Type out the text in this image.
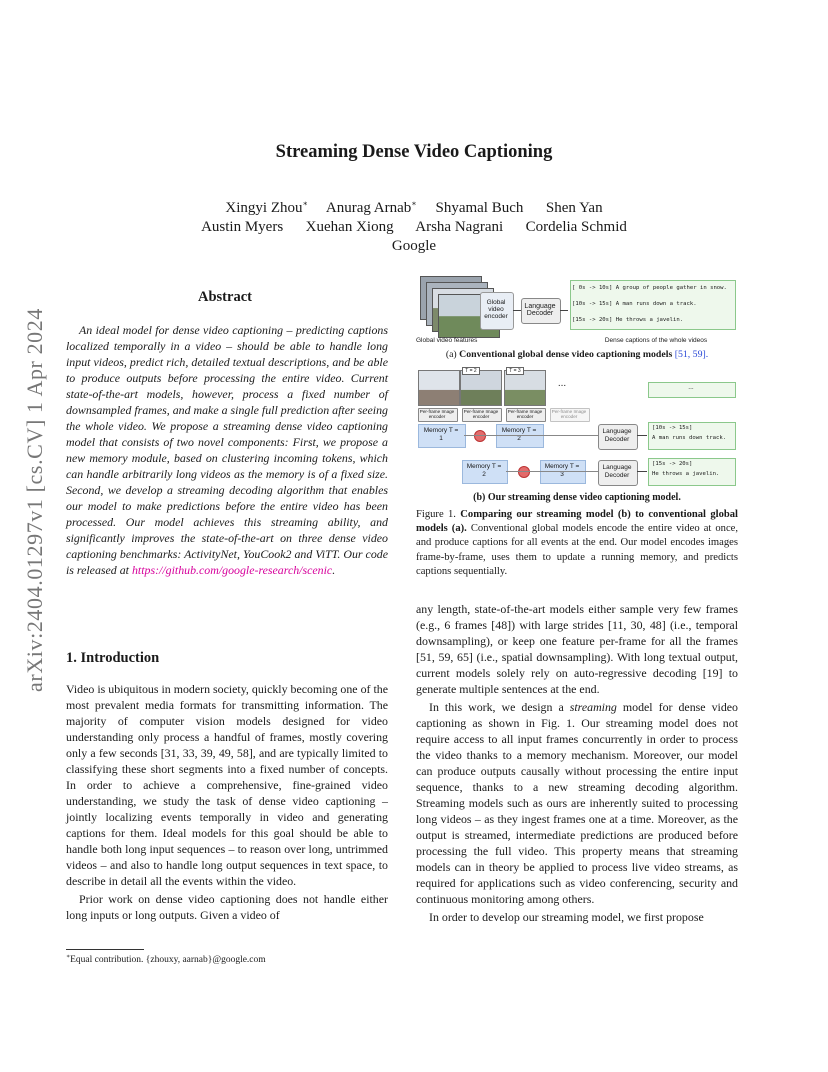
Streaming Dense Video Captioning
Xingyi Zhou∗ Anurag Arnab∗ Shyamal Buch Shen Yan
Austin Myers Xuehan Xiong Arsha Nagrani Cordelia Schmid
Google
arXiv:2404.01297v1 [cs.CV] 1 Apr 2024
Abstract

An ideal model for dense video captioning – predicting captions localized temporally in a video – should be able to handle long input videos, predict rich, detailed textual descriptions, and be able to produce outputs before processing the entire video. Current state-of-the-art models, however, process a fixed number of downsampled frames, and make a single full prediction after seeing the whole video. We propose a streaming dense video captioning model that consists of two novel components: First, we propose a new memory module, based on clustering incoming tokens, which can handle arbitrarily long videos as the memory is of a fixed size. Second, we develop a streaming decoding algorithm that enables our model to make predictions before the entire video has been processed. Our model achieves this streaming ability, and significantly improves the state-of-the-art on three dense video captioning benchmarks: ActivityNet, YouCook2 and ViTT. Our code is released at https://github.com/google-research/scenic.

1. Introduction

Video is ubiquitous in modern society, quickly becoming one of the most prevalent media formats for transmitting information. The majority of computer vision models designed for video understanding only process a handful of frames, mostly covering only a few seconds [31, 33, 39, 49, 58], and are typically limited to classifying these short segments into a fixed number of concepts. In order to achieve a comprehensive, fine-grained video understanding, we study the task of dense video captioning – jointly localizing events temporally in video and generating captions for them. Ideal models for this goal should be able to handle both long input sequences – to reason over long, untrimmed videos – and also to handle long output sequences in text space, to describe in detail all the events within the video.

Prior work on dense video captioning does not handle either long inputs or long outputs. Given a video of

∗Equal contribution. {zhouxy, aarnab}@google.com
Global video encoder
Language Decoder
[ 0s -> 10s] A group of people gather in snow.
[10s -> 15s] A man runs down a track.
[15s -> 20s] He throws a javelin.
Global video features	Dense captions of the whole videos
(a) Conventional global dense video captioning models [51, 59].
T = 2	T = 3
...
Per-frame Image encoder
Per-frame Image encoder
Per-frame Image encoder
Per-frame Image encoder
Memory T = 1
Memory T = 2
Memory T = 2
Memory T = 3
Language Decoder
Language Decoder
...
[10s -> 15s]
A man runs down track.
[15s -> 20s]
He throws a javelin.
(b) Our streaming dense video captioning model.
Figure 1. Comparing our streaming model (b) to conventional global models (a). Conventional global models encode the entire video at once, and produce captions for all events at the end. Our model encodes images frame-by-frame, uses them to update a running memory, and predicts captions sequentially.

any length, state-of-the-art models either sample very few frames (e.g., 6 frames [48]) with large strides [11, 30, 48] (i.e., temporal downsampling), or keep one feature per-frame for all the frames [51, 59, 65] (i.e., spatial downsampling). With long textual output, current models solely rely on auto-regressive decoding [19] to generate multiple sentences at the end.

In this work, we design a streaming model for dense video captioning as shown in Fig. 1. Our streaming model does not require access to all input frames concurrently in order to process the video thanks to a memory mechanism. Moreover, our model can produce outputs causally without processing the entire input sequence, thanks to a new streaming decoding algorithm. Streaming models such as ours are inherently suited to processing long videos – as they ingest frames one at a time. Moreover, as the output is streamed, intermediate predictions are produced before processing the full video. This property means that streaming models can in theory be applied to process live video streams, as required for applications such as video conferencing, security and continuous monitoring among others.

In order to develop our streaming model, we first propose
